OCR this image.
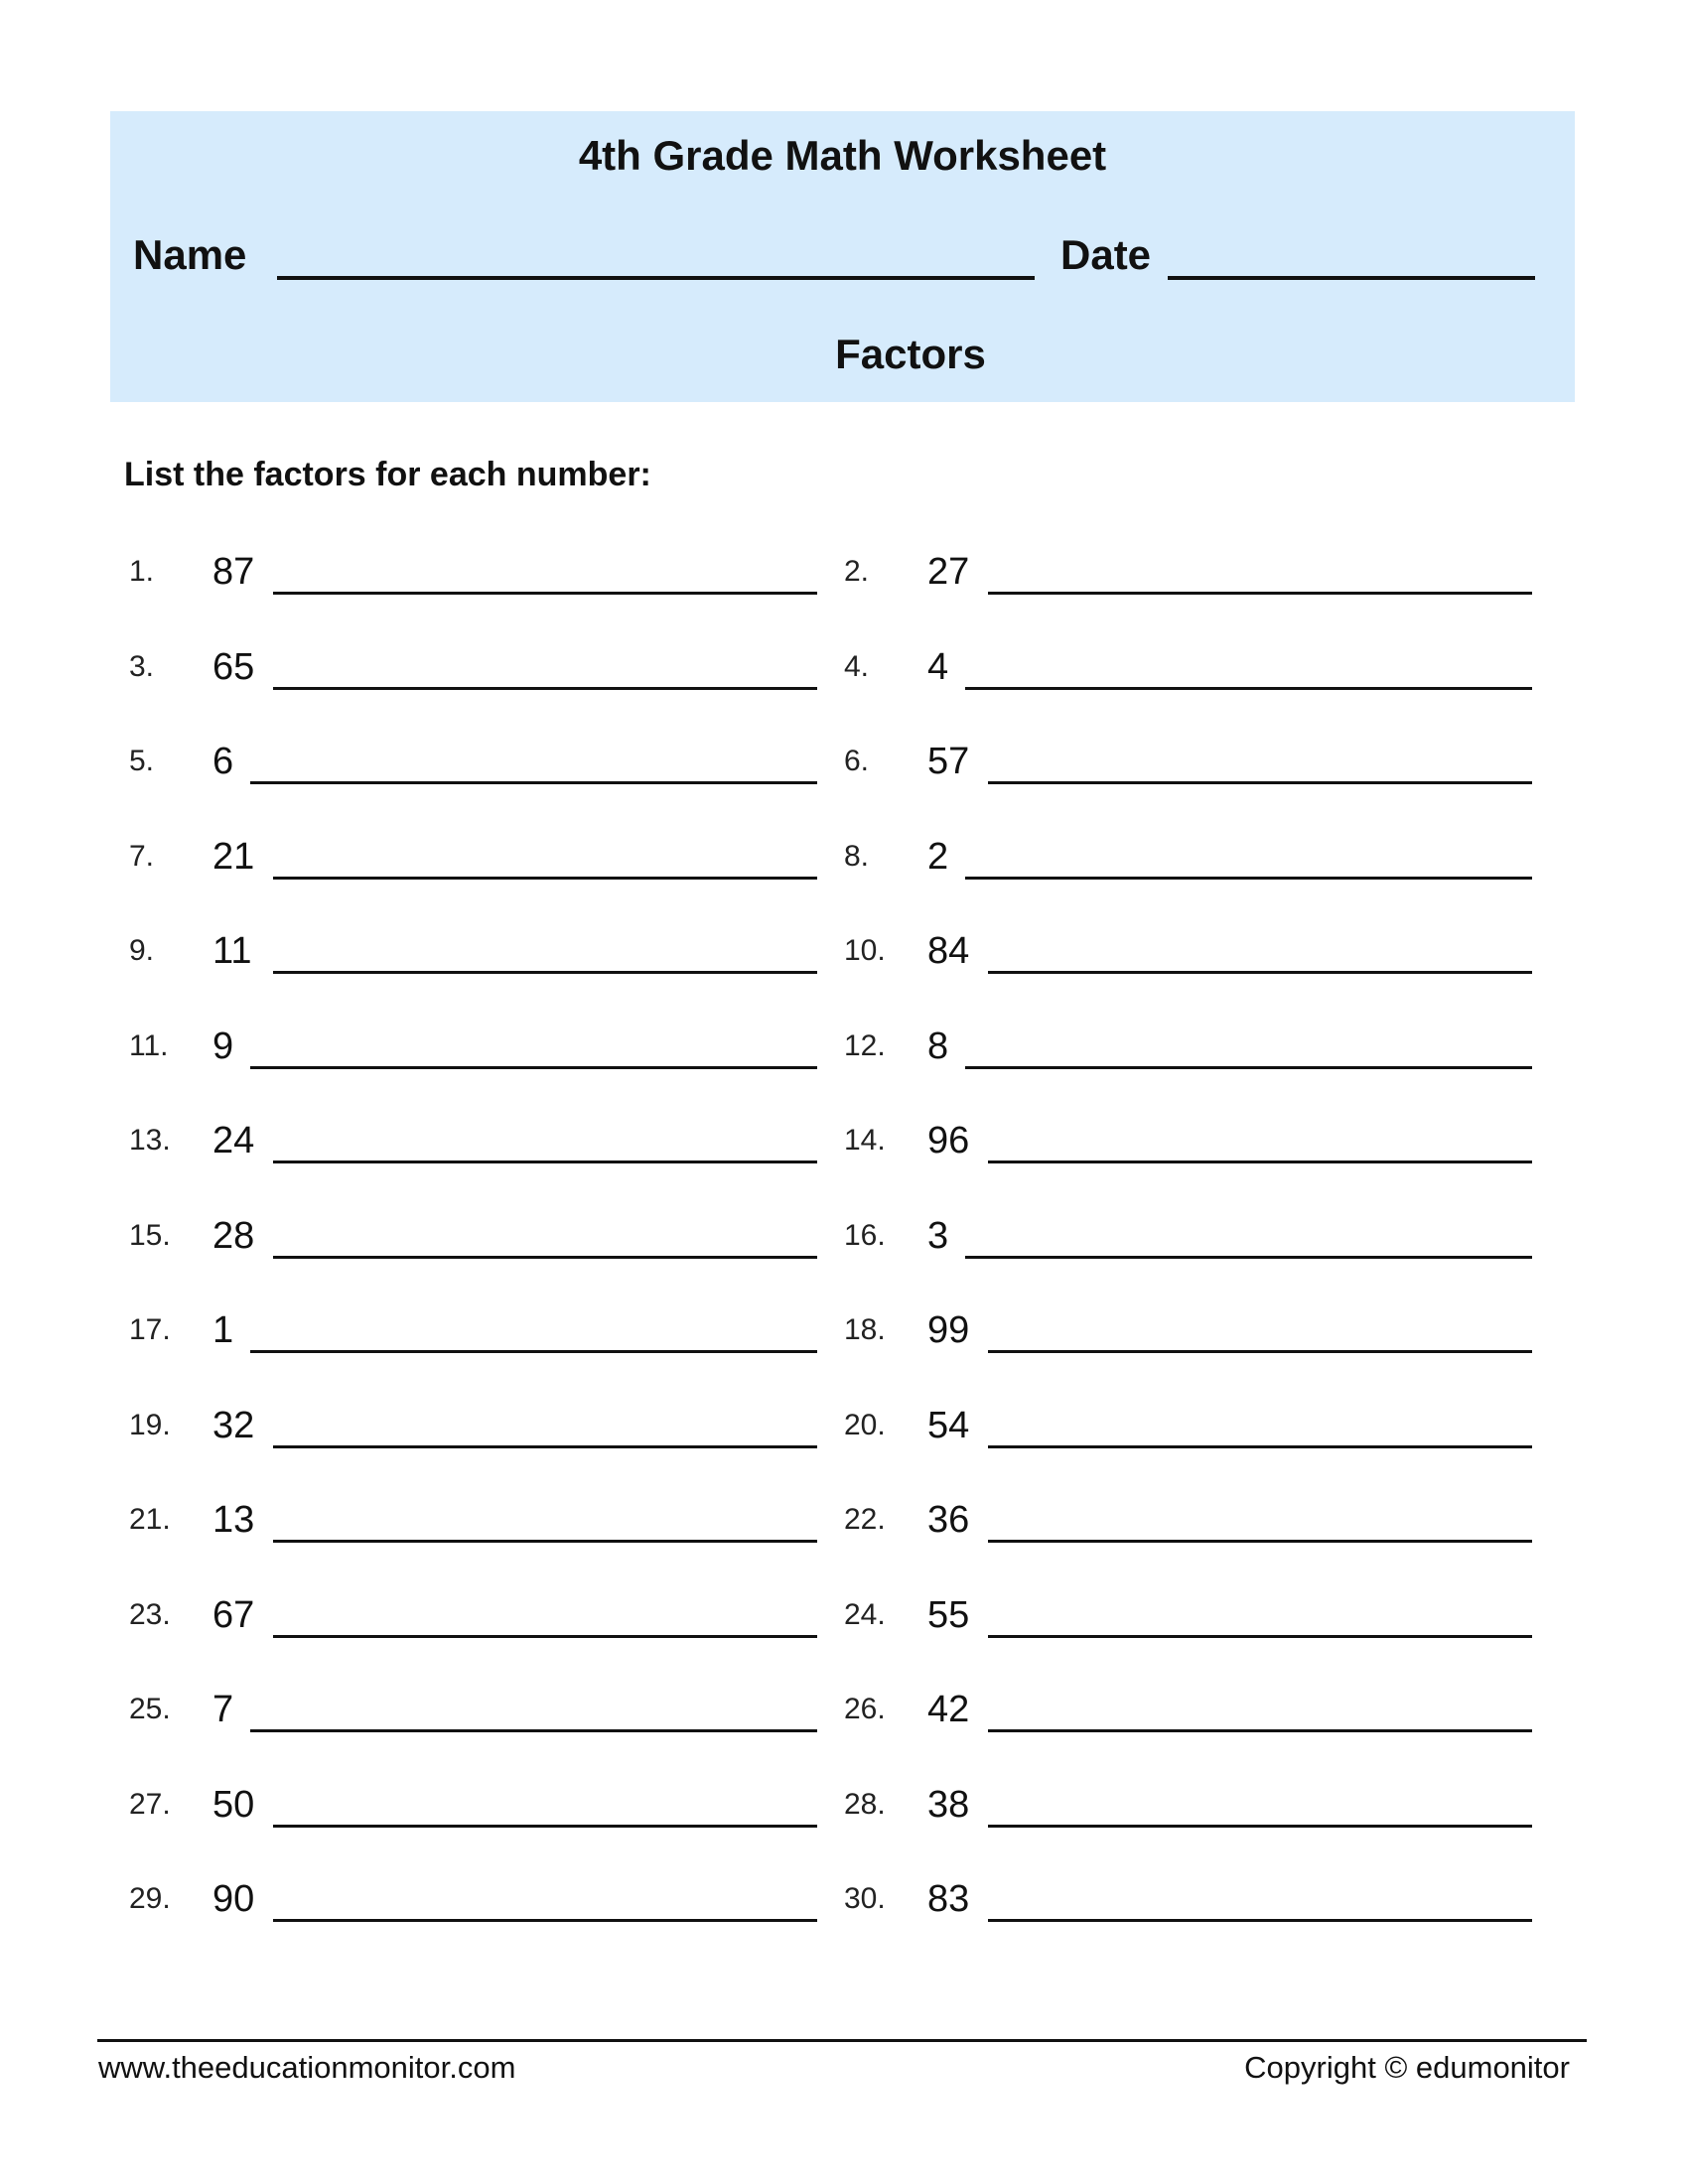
4th Grade Math Worksheet
Name	Date
Factors
List the factors for each number:
1. 87	2. 27
3. 65	4. 4
5. 6	6. 57
7. 21	8. 2
9. 11	10. 84
11. 9	12. 8
13. 24	14. 96
15. 28	16. 3
17. 1	18. 99
19. 32	20. 54
21. 13	22. 36
23. 67	24. 55
25. 7	26. 42
27. 50	28. 38
29. 90	30. 83
www.theeducationmonitor.com	Copyright © edumonitor
